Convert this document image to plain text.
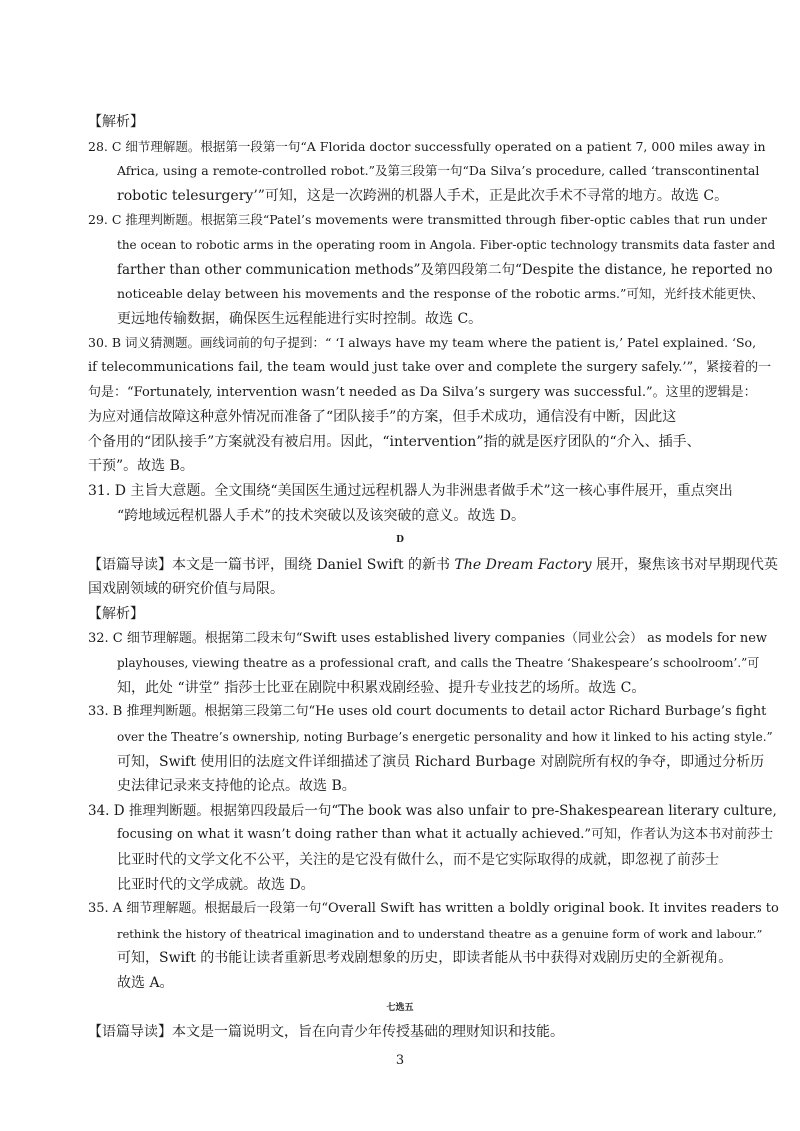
【解析】
28. C 细节理解题。根据第一段第一句“A Florida doctor successfully operated on a patient 7, 000 miles away in
Africa, using a remote-controlled robot.”及第三段第一句“Da Silva’s procedure, called ‘transcontinental
robotic telesurgery’”可知，这是一次跨洲的机器人手术，正是此次手术不寻常的地方。故选 C。
29. C 推理判断题。根据第三段“Patel’s movements were transmitted through fiber-optic cables that run under
the ocean to robotic arms in the operating room in Angola. Fiber-optic technology transmits data faster and
farther than other communication methods”及第四段第二句“Despite the distance, he reported no
noticeable delay between his movements and the response of the robotic arms.”可知，光纤技术能更快、
更远地传输数据，确保医生远程能进行实时控制。故选 C。
30. B 词义猜测题。画线词前的句子提到：“ ‘I always have my team where the patient is,’ Patel explained. ‘So,
if telecommunications fail, the team would just take over and complete the surgery safely.’”，紧接着的一
句是：“Fortunately, intervention wasn’t needed as Da Silva’s surgery was successful.”。这里的逻辑是：
为应对通信故障这种意外情况而准备了“团队接手”的方案，但手术成功，通信没有中断，因此这
个备用的“团队接手”方案就没有被启用。因此，“intervention”指的就是医疗团队的“介入、插手、
干预”。故选 B。
31. D 主旨大意题。全文围绕“美国医生通过远程机器人为非洲患者做手术”这一核心事件展开，重点突出
“跨地域远程机器人手术”的技术突破以及该突破的意义。故选 D。
D
【语篇导读】本文是一篇书评，围绕 Daniel Swift 的新书 The Dream Factory 展开，聚焦该书对早期现代英
国戏剧领域的研究价值与局限。
【解析】
32. C 细节理解题。根据第二段末句“Swift uses established livery companies（同业公会） as models for new
playhouses, viewing theatre as a professional craft, and calls the Theatre ‘Shakespeare’s schoolroom’.”可
知，此处 “讲堂” 指莎士比亚在剧院中积累戏剧经验、提升专业技艺的场所。故选 C。
33. B 推理判断题。根据第三段第二句“He uses old court documents to detail actor Richard Burbage’s fight
over the Theatre’s ownership, noting Burbage’s energetic personality and how it linked to his acting style.”
可知，Swift 使用旧的法庭文件详细描述了演员 Richard Burbage 对剧院所有权的争夺，即通过分析历
史法律记录来支持他的论点。故选 B。
34. D 推理判断题。根据第四段最后一句“The book was also unfair to pre-Shakespearean literary culture,
focusing on what it wasn’t doing rather than what it actually achieved.”可知，作者认为这本书对前莎士
比亚时代的文学文化不公平，关注的是它没有做什么，而不是它实际取得的成就，即忽视了前莎士
比亚时代的文学成就。故选 D。
35. A 细节理解题。根据最后一段第一句“Overall Swift has written a boldly original book. It invites readers to
rethink the history of theatrical imagination and to understand theatre as a genuine form of work and labour.”
可知，Swift 的书能让读者重新思考戏剧想象的历史，即读者能从书中获得对戏剧历史的全新视角。
故选 A。
七选五
【语篇导读】本文是一篇说明文，旨在向青少年传授基础的理财知识和技能。
3
